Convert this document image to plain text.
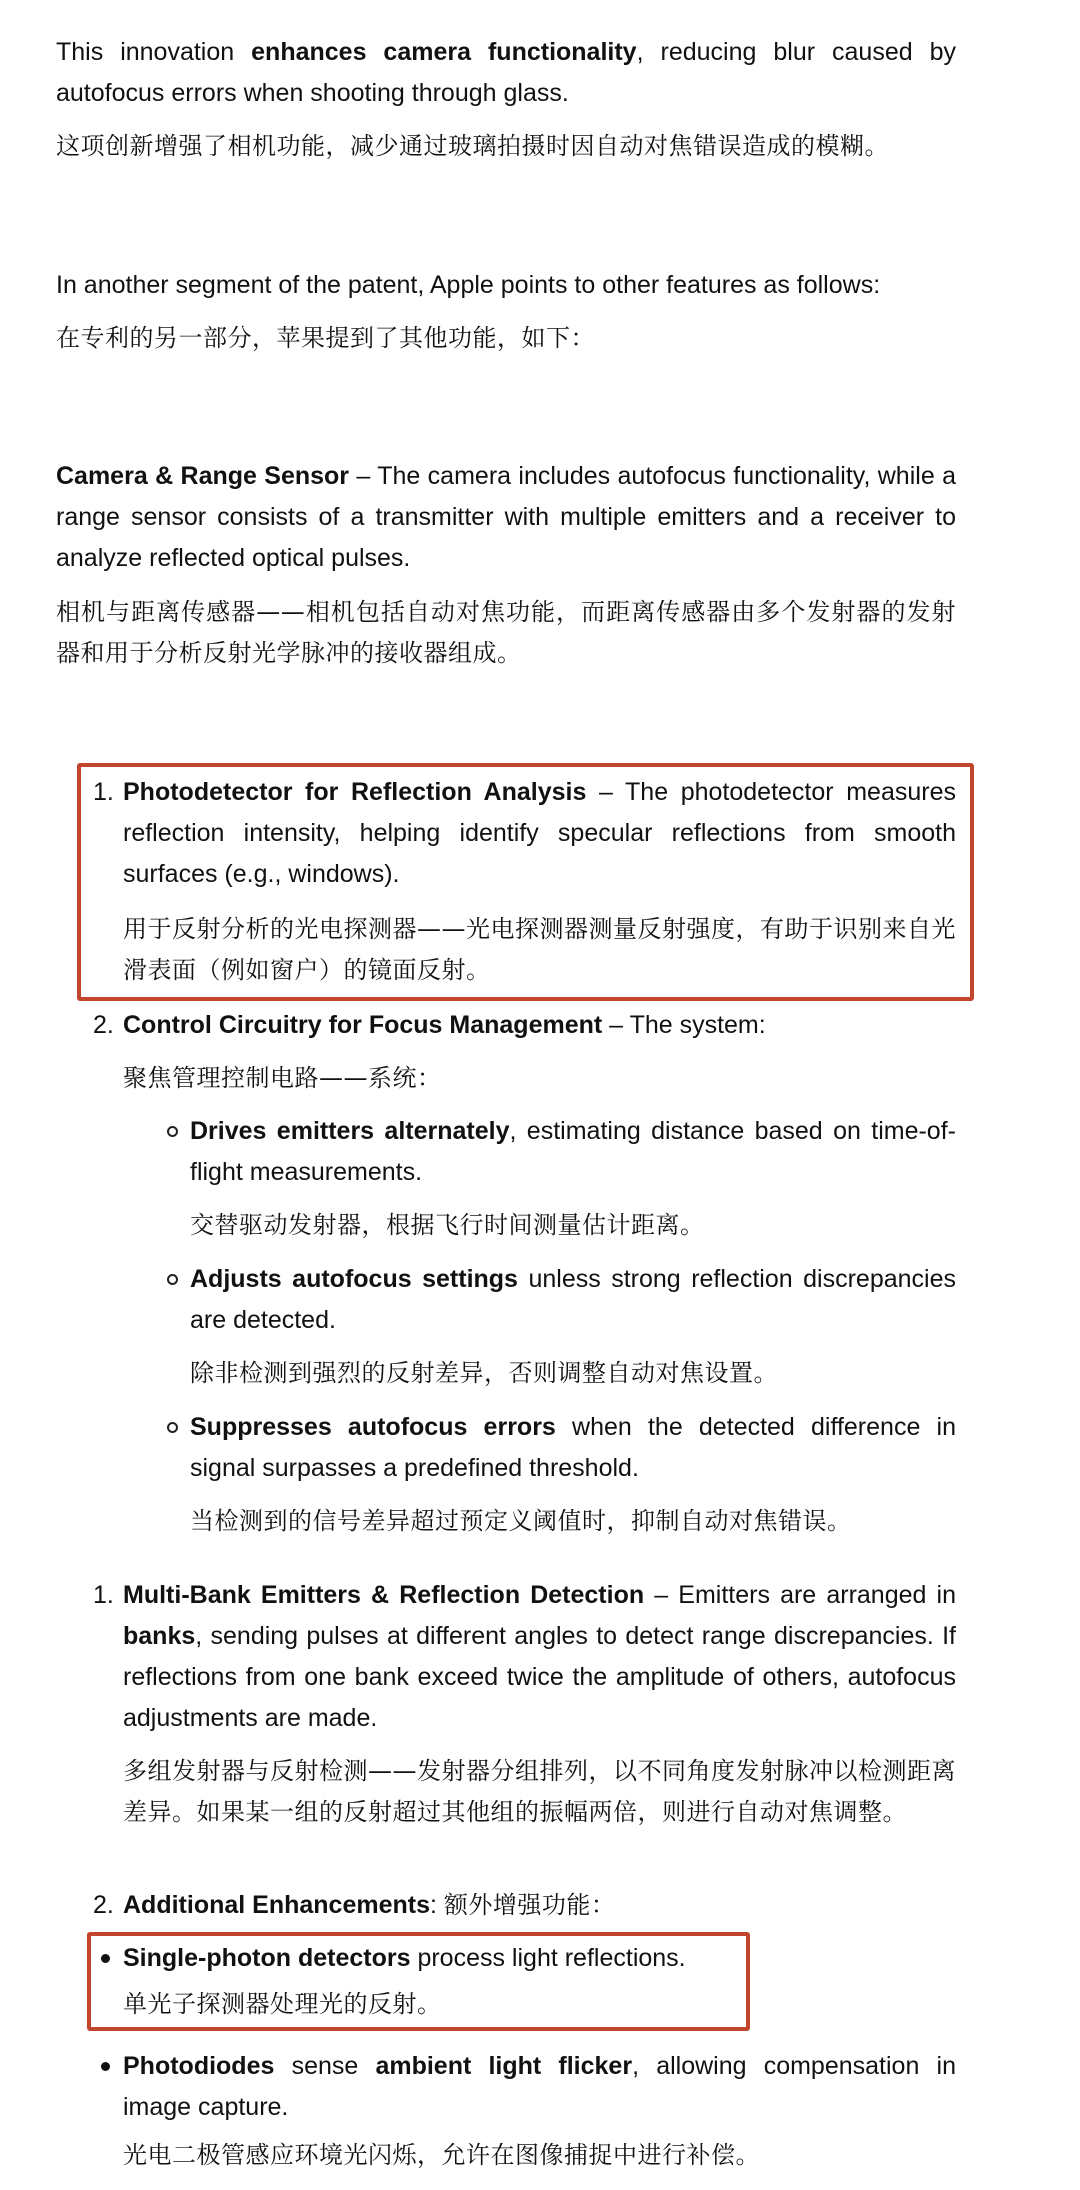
This innovation enhances camera functionality, reducing blur caused by autofocus errors when shooting through glass.

这项创新增强了相机功能，减少通过玻璃拍摄时因自动对焦错误造成的模糊。

In another segment of the patent, Apple points to other features as follows:

在专利的另一部分，苹果提到了其他功能，如下：

Camera & Range Sensor – The camera includes autofocus functionality, while a range sensor consists of a transmitter with multiple emitters and a receiver to analyze reflected optical pulses.

相机与距离传感器——相机包括自动对焦功能，而距离传感器由多个发射器的发射器和用于分析反射光学脉冲的接收器组成。

1. Photodetector for Reflection Analysis – The photodetector measures reflection intensity, helping identify specular reflections from smooth surfaces (e.g., windows).

用于反射分析的光电探测器——光电探测器测量反射强度，有助于识别来自光滑表面（例如窗户）的镜面反射。

2. Control Circuitry for Focus Management – The system:

聚焦管理控制电路——系统：

Drives emitters alternately, estimating distance based on time-of-flight measurements.

交替驱动发射器，根据飞行时间测量估计距离。

Adjusts autofocus settings unless strong reflection discrepancies are detected.

除非检测到强烈的反射差异，否则调整自动对焦设置。

Suppresses autofocus errors when the detected difference in signal surpasses a predefined threshold.

当检测到的信号差异超过预定义阈值时，抑制自动对焦错误。

1. Multi-Bank Emitters & Reflection Detection – Emitters are arranged in banks, sending pulses at different angles to detect range discrepancies. If reflections from one bank exceed twice the amplitude of others, autofocus adjustments are made.

多组发射器与反射检测——发射器分组排列，以不同角度发射脉冲以检测距离差异。如果某一组的反射超过其他组的振幅两倍，则进行自动对焦调整。

2. Additional Enhancements: 额外增强功能：

Single-photon detectors process light reflections.

单光子探测器处理光的反射。

Photodiodes sense ambient light flicker, allowing compensation in image capture.

光电二极管感应环境光闪烁，允许在图像捕捉中进行补偿。
